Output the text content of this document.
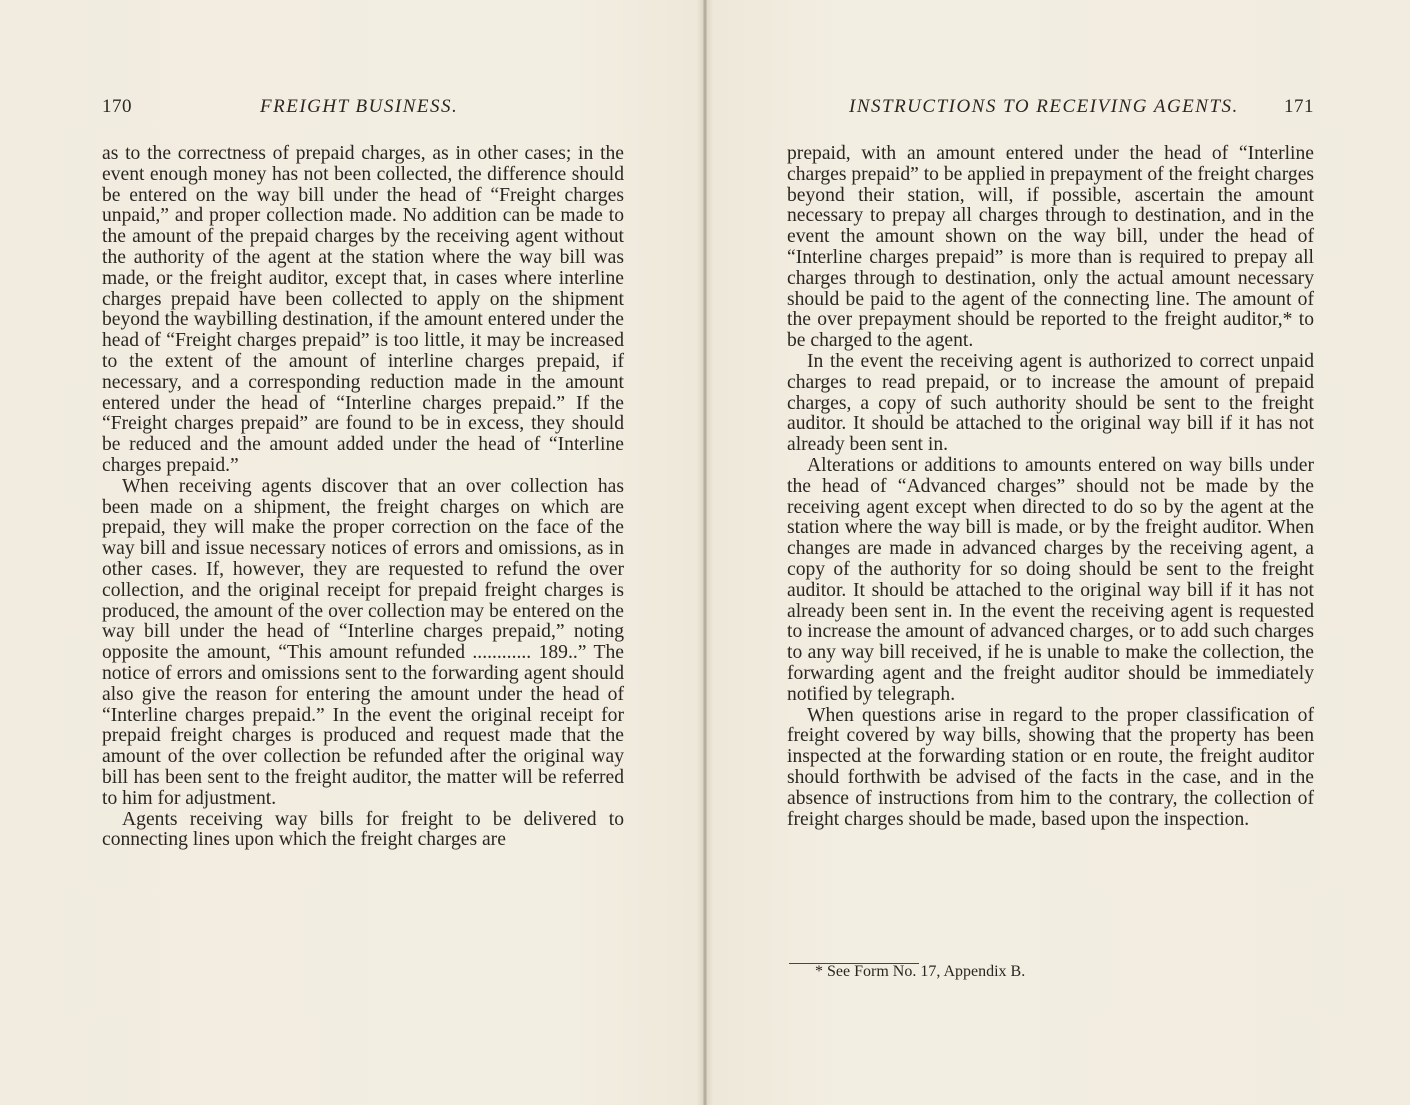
170	FREIGHT BUSINESS.

as to the correctness of prepaid charges, as in other cases; in the event enough money has not been collected, the difference should be entered on the way bill under the head of “Freight charges unpaid,” and proper collection made. No addition can be made to the amount of the prepaid charges by the receiving agent without the authority of the agent at the station where the way bill was made, or the freight auditor, except that, in cases where interline charges prepaid have been collected to apply on the shipment beyond the waybilling destination, if the amount entered under the head of “Freight charges prepaid” is too little, it may be increased to the extent of the amount of interline charges prepaid, if necessary, and a corresponding reduction made in the amount entered under the head of “Interline charges prepaid.” If the “Freight charges prepaid” are found to be in excess, they should be reduced and the amount added under the head of “Interline charges prepaid.”

When receiving agents discover that an over collection has been made on a shipment, the freight charges on which are prepaid, they will make the proper correction on the face of the way bill and issue necessary notices of errors and omissions, as in other cases. If, however, they are requested to refund the over collection, and the original receipt for prepaid freight charges is produced, the amount of the over collection may be entered on the way bill under the head of “Interline charges prepaid,” noting opposite the amount, “This amount refunded ............ 189..” The notice of errors and omissions sent to the forwarding agent should also give the reason for entering the amount under the head of “Interline charges prepaid.” In the event the original receipt for prepaid freight charges is produced and request made that the amount of the over collection be refunded after the original way bill has been sent to the freight auditor, the matter will be referred to him for adjustment.

Agents receiving way bills for freight to be delivered to connecting lines upon which the freight charges are

INSTRUCTIONS TO RECEIVING AGENTS. 171

prepaid, with an amount entered under the head of “Interline charges prepaid” to be applied in prepayment of the freight charges beyond their station, will, if possible, ascertain the amount necessary to prepay all charges through to destination, and in the event the amount shown on the way bill, under the head of “Interline charges prepaid” is more than is required to prepay all charges through to destination, only the actual amount necessary should be paid to the agent of the connecting line. The amount of the over prepayment should be reported to the freight auditor,* to be charged to the agent.

In the event the receiving agent is authorized to correct unpaid charges to read prepaid, or to increase the amount of prepaid charges, a copy of such authority should be sent to the freight auditor. It should be attached to the original way bill if it has not already been sent in.

Alterations or additions to amounts entered on way bills under the head of “Advanced charges” should not be made by the receiving agent except when directed to do so by the agent at the station where the way bill is made, or by the freight auditor. When changes are made in advanced charges by the receiving agent, a copy of the authority for so doing should be sent to the freight auditor. It should be attached to the original way bill if it has not already been sent in. In the event the receiving agent is requested to increase the amount of advanced charges, or to add such charges to any way bill received, if he is unable to make the collection, the forwarding agent and the freight auditor should be immediately notified by telegraph.

When questions arise in regard to the proper classification of freight covered by way bills, showing that the property has been inspected at the forwarding station or en route, the freight auditor should forthwith be advised of the facts in the case, and in the absence of instructions from him to the contrary, the collection of freight charges should be made, based upon the inspection.

* See Form No. 17, Appendix B.
